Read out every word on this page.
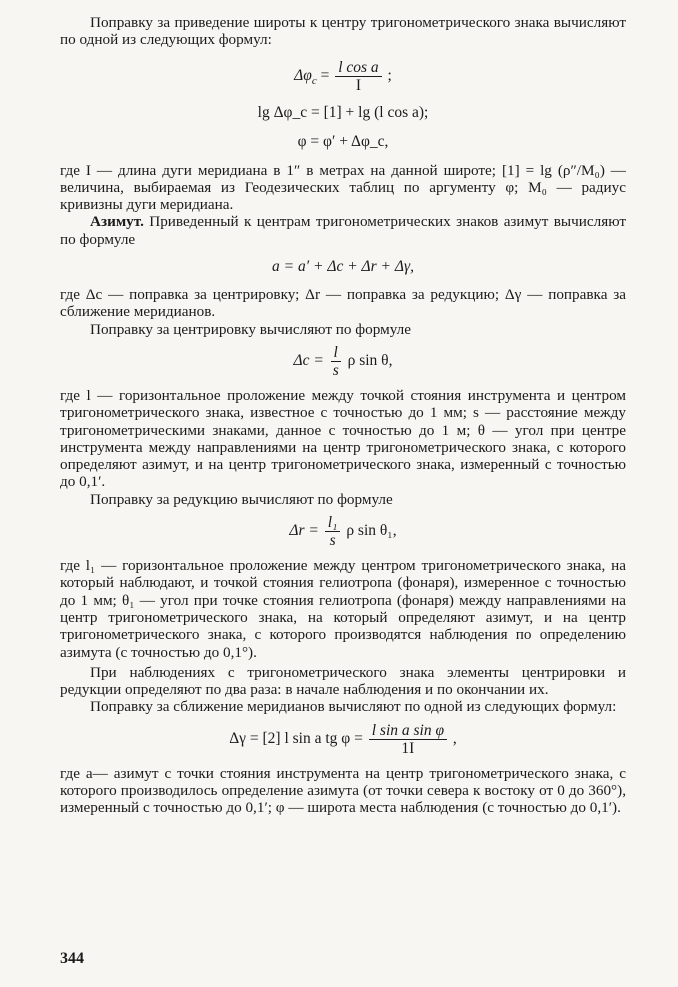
Поправку за приведение широты к центру тригонометрического знака вычисляют по одной из следующих формул:

$\Delta\varphi_c = \frac{\text{l cos a}}{I}$ ;
lg Δφ_c = [1] + lg (l cos a);
φ = φ′ + Δφ_c,

где I — длина дуги меридиана в 1″ в метрах на данной широте; [1] = lg (ρ″/M₀) — величина, выбираемая из Геодезических таблиц по аргументу φ; M₀ — радиус кривизны дуги меридиана.

Азимут. Приведенный к центрам тригонометрических знаков азимут вычисляют по формуле

a = a′ + Δc + Δr + Δγ,

где Δc — поправка за центрировку; Δr — поправка за редукцию; Δγ — поправка за сближение меридианов.

Поправку за центрировку вычисляют по формуле

$\Delta c = \frac{l}{s}$ ρ sin θ,

где l — горизонтальное проложение между точкой стояния инструмента и центром тригонометрического знака, известное с точностью до 1 мм; s — расстояние между тригонометрическими знаками, данное с точностью до 1 м; θ — угол при центре инструмента между направлениями на центр тригонометрического знака, с которого определяют азимут, и на центр тригонометрического знака, измеренный с точностью до 0,1′.

Поправку за редукцию вычисляют по формуле

$\Delta r = \frac{\text{l₁}}{s}$ ρ sin θ₁,

где l₁ — горизонтальное проложение между центром тригонометрического знака, на который наблюдают, и точкой стояния гелиотропа (фонаря), измеренное с точностью до 1 мм; θ₁ — угол при точке стояния гелиотропа (фонаря) между направлениями на центр тригонометрического знака, на который определяют азимут, и на центр тригонометрического знака, с которого производятся наблюдения по определению азимута (с точностью до 0,1°).

При наблюдениях с тригонометрического знака элементы центрировки и редукции определяют по два раза: в начале наблюдения и по окончании их.

Поправку за сближение меридианов вычисляют по одной из следующих формул:

Δγ = [2] l sin a tg $\varphi = \frac{\text{l sin a sin φ}}{1I}$ ,

где a— азимут с точки стояния инструмента на центр тригонометрического знака, с которого производилось определение азимута (от точки севера к востоку от 0 до 360°), измеренный с точностью до 0,1′; φ — широта места наблюдения (с точностью до 0,1′).

344
